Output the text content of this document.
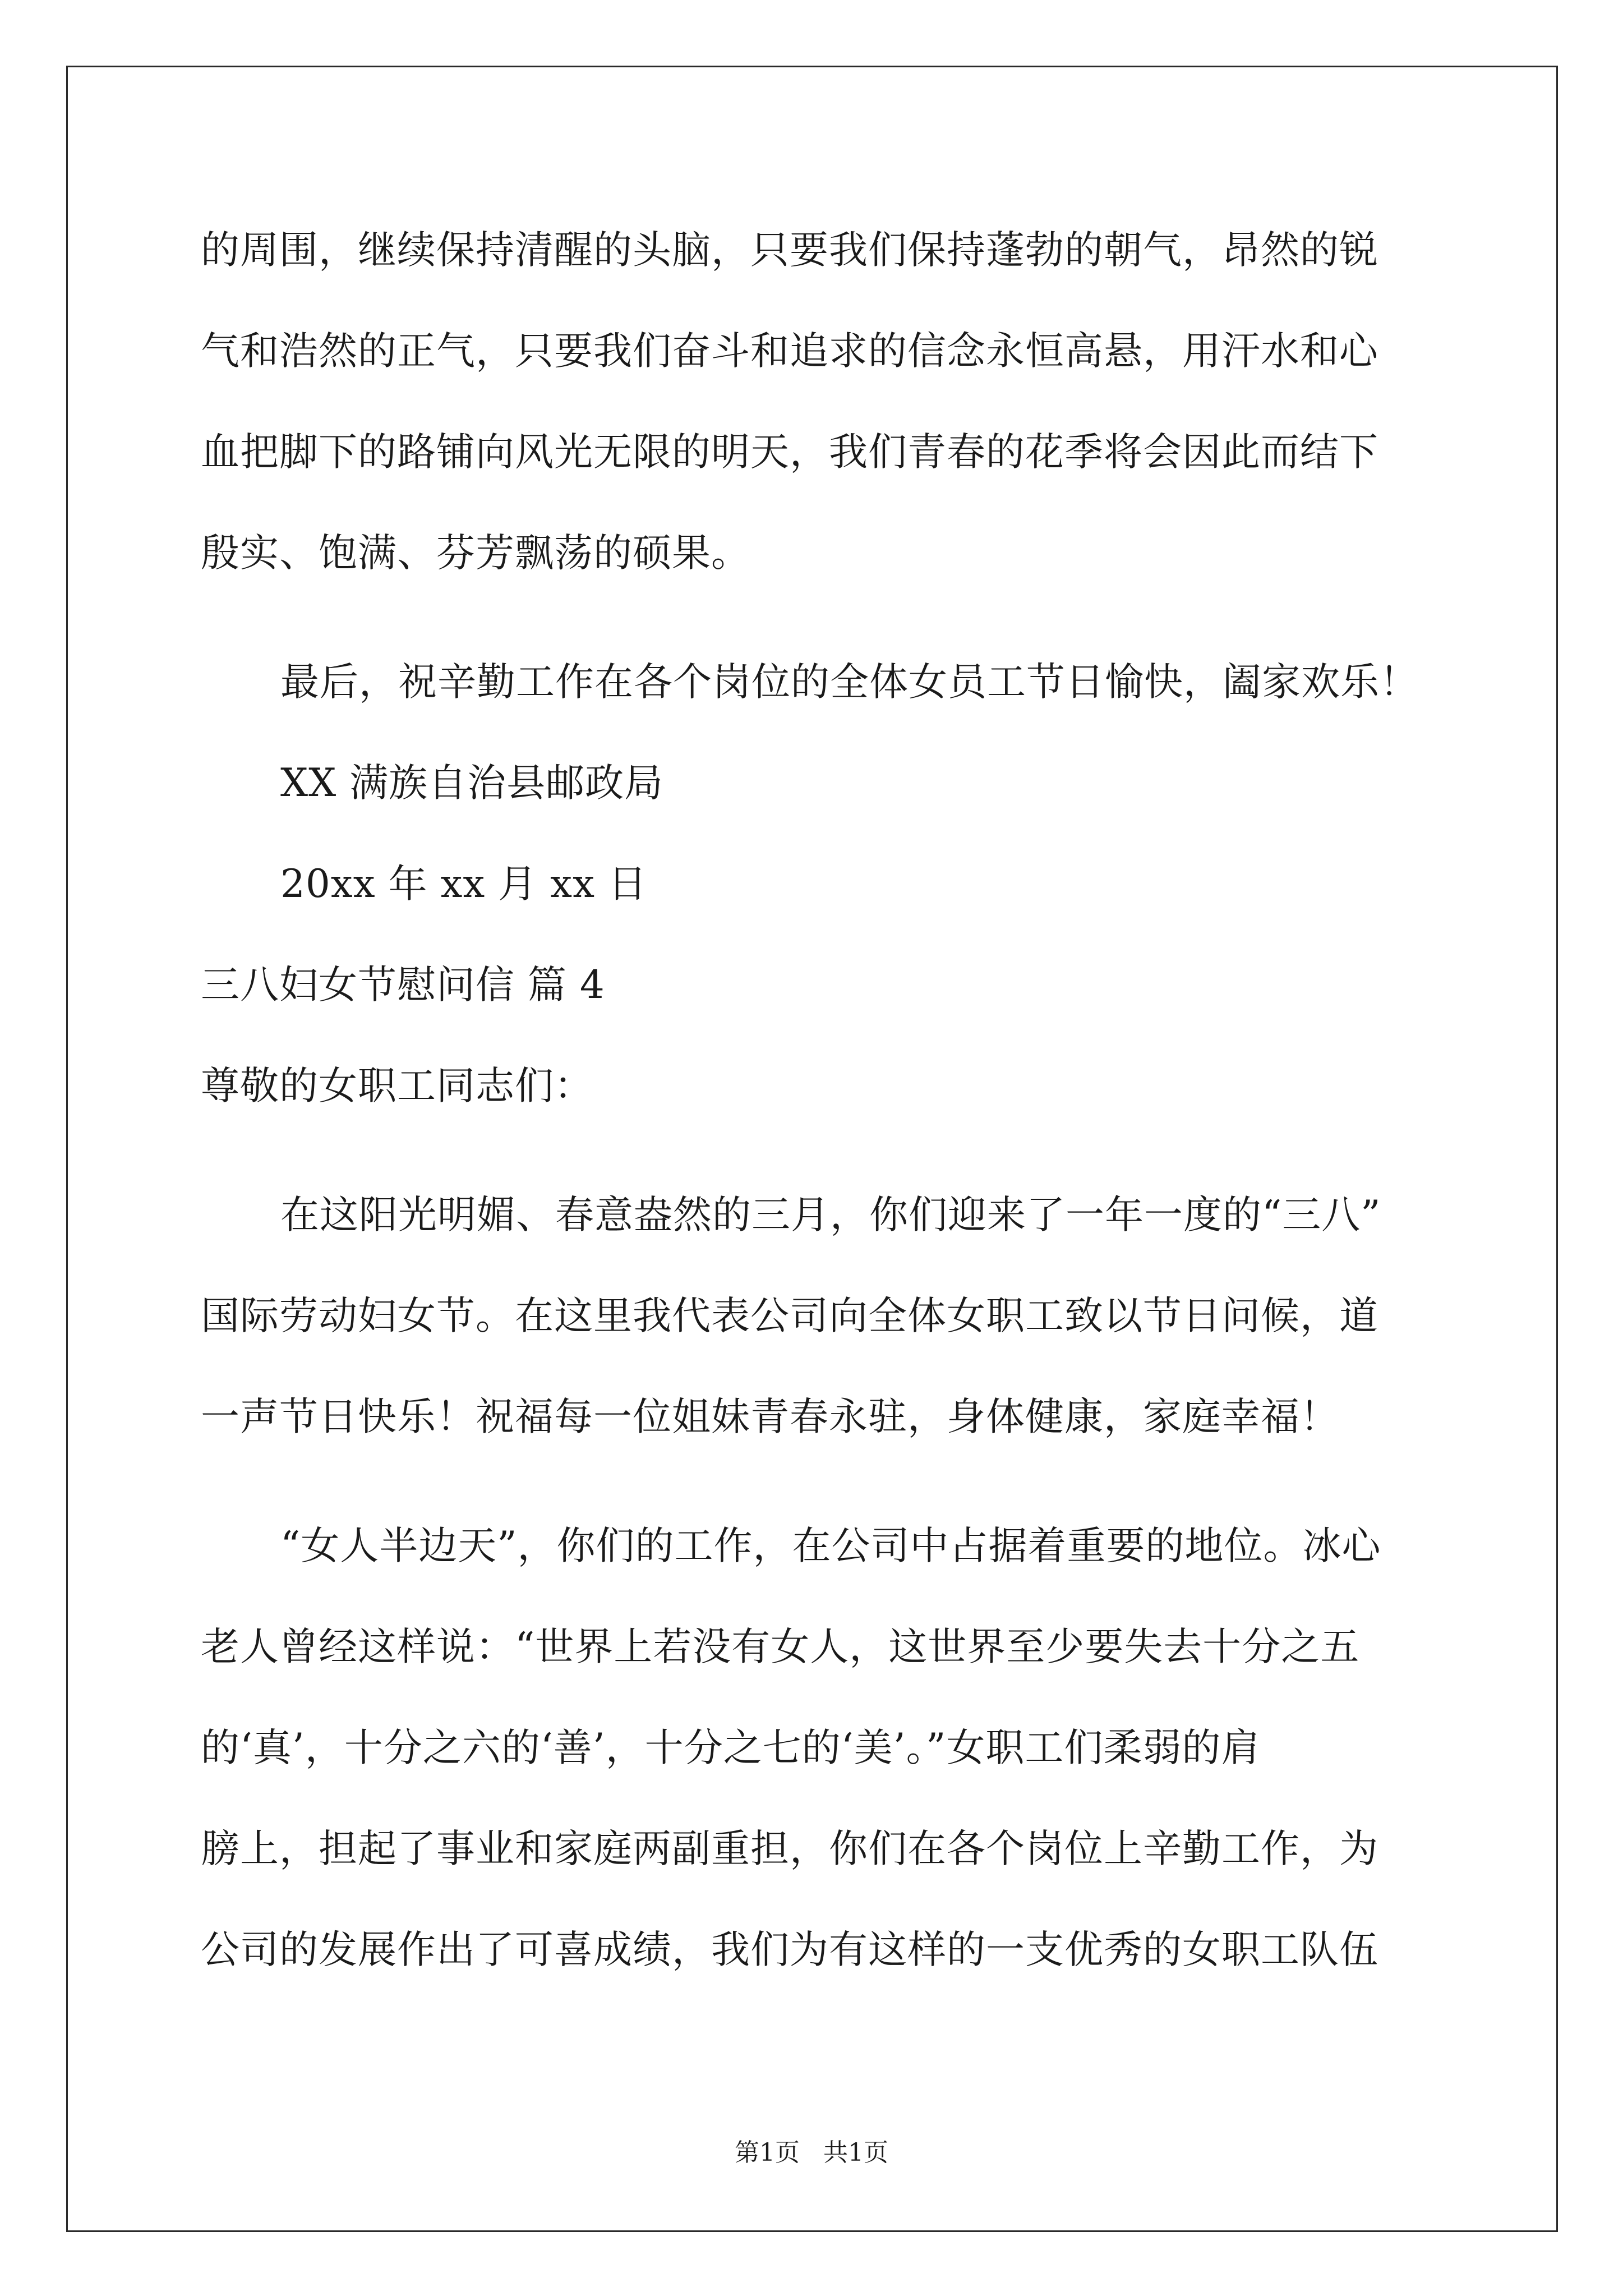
的周围，继续保持清醒的头脑，只要我们保持蓬勃的朝气，昂然的锐
气和浩然的正气，只要我们奋斗和追求的信念永恒高悬，用汗水和心
血把脚下的路铺向风光无限的明天，我们青春的花季将会因此而结下
殷实、饱满、芬芳飘荡的硕果。
最后，祝辛勤工作在各个岗位的全体女员工节日愉快，阖家欢乐！
XX 满族自治县邮政局
20xx 年 xx 月 xx 日
三八妇女节慰问信 篇 4
尊敬的女职工同志们：
在这阳光明媚、春意盎然的三月，你们迎来了一年一度的“三八”
国际劳动妇女节。在这里我代表公司向全体女职工致以节日问候，道
一声节日快乐！祝福每一位姐妹青春永驻，身体健康，家庭幸福！
“女人半边天”，你们的工作，在公司中占据着重要的地位。冰心
老人曾经这样说：“世界上若没有女人，这世界至少要失去十分之五
的‘真’，十分之六的‘善’，十分之七的‘美’。”女职工们柔弱的肩
膀上，担起了事业和家庭两副重担，你们在各个岗位上辛勤工作，为
公司的发展作出了可喜成绩，我们为有这样的一支优秀的女职工队伍
第1页   共1页
